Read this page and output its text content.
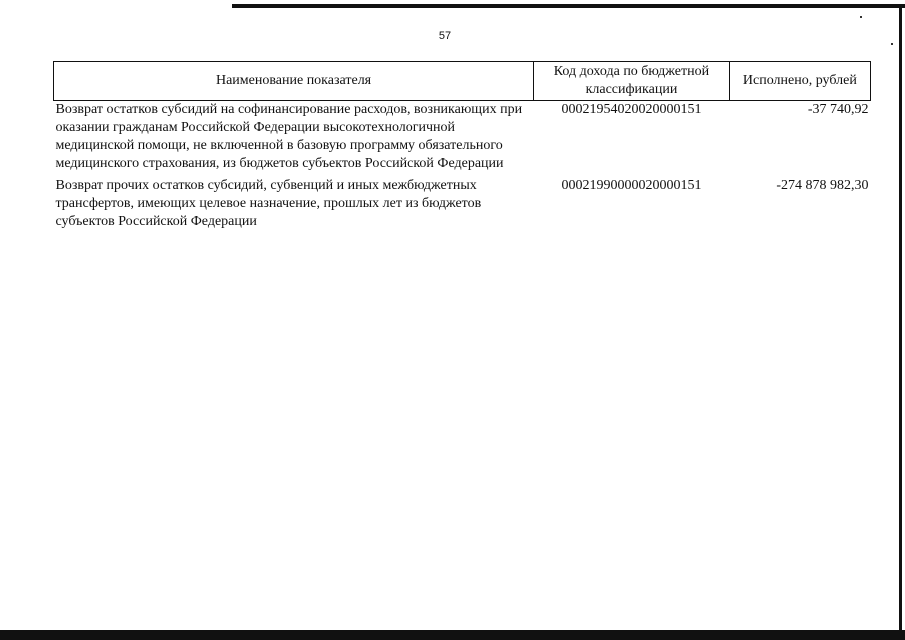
57
Наименование показателя	Код дохода по бюджетной классификации	Исполнено, рублей
Возврат остатков субсидий на софинансирование расходов, возникающих при оказании гражданам Российской Федерации высокотехнологичной медицинской помощи, не включенной в базовую программу обязательного медицинского страхования, из бюджетов субъектов Российской Федерации	00021954020020000151	-37 740,92
Возврат прочих остатков субсидий, субвенций и иных межбюджетных трансфертов, имеющих целевое назначение, прошлых лет из бюджетов субъектов Российской Федерации	00021990000020000151	-274 878 982,30
